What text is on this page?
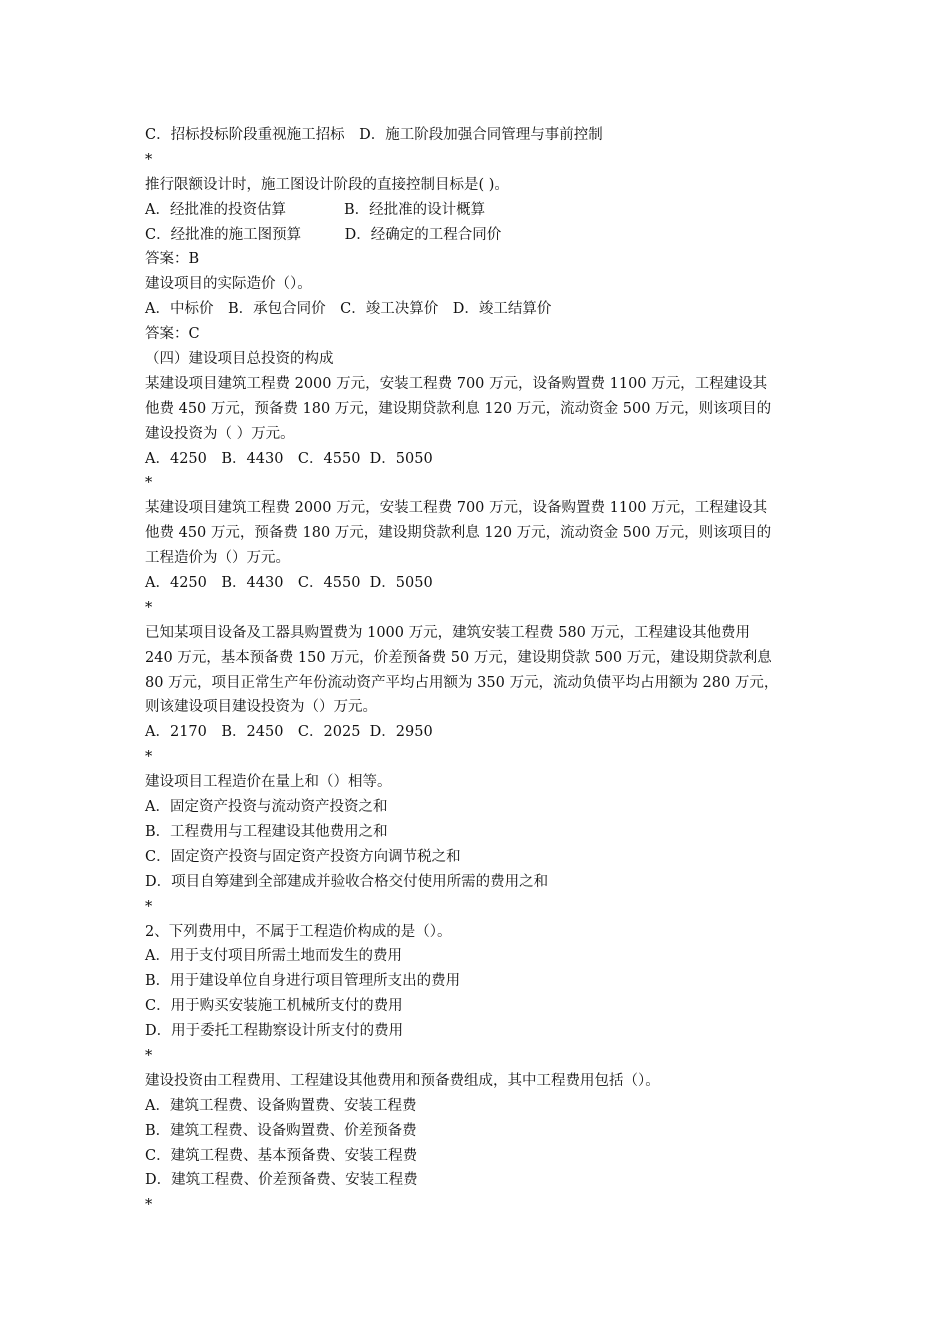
C．招标投标阶段重视施工招标　D．施工阶段加强合同管理与事前控制
*
推行限额设计时，施工图设计阶段的直接控制目标是( )。
A．经批准的投资估算　　　　B．经批准的设计概算
C．经批准的施工图预算　　　D．经确定的工程合同价
答案：B
建设项目的实际造价（）。
A．中标价　B．承包合同价　C．竣工决算价　D．竣工结算价
答案：C
（四）建设项目总投资的构成
某建设项目建筑工程费 2000 万元，安装工程费 700 万元，设备购置费 1100 万元，工程建设其
他费 450 万元，预备费 180 万元，建设期贷款利息 120 万元，流动资金 500 万元，则该项目的
建设投资为（ ）万元。
A．4250　B．4430　C．4550  D．5050
*
某建设项目建筑工程费 2000 万元，安装工程费 700 万元，设备购置费 1100 万元，工程建设其
他费 450 万元，预备费 180 万元，建设期贷款利息 120 万元，流动资金 500 万元，则该项目的
工程造价为（）万元。
A．4250　B．4430　C．4550  D．5050
*
已知某项目设备及工器具购置费为 1000 万元，建筑安装工程费 580 万元，工程建设其他费用
240 万元，基本预备费 150 万元，价差预备费 50 万元，建设期贷款 500 万元，建设期贷款利息
80 万元，项目正常生产年份流动资产平均占用额为 350 万元，流动负债平均占用额为 280 万元，
则该建设项目建设投资为（）万元。
A．2170　B．2450　C．2025  D．2950
*
建设项目工程造价在量上和（）相等。
A．固定资产投资与流动资产投资之和
B．工程费用与工程建设其他费用之和
C．固定资产投资与固定资产投资方向调节税之和
D．项目自筹建到全部建成并验收合格交付使用所需的费用之和
*
2、下列费用中，不属于工程造价构成的是（）。
A．用于支付项目所需土地而发生的费用
B．用于建设单位自身进行项目管理所支出的费用
C．用于购买安装施工机械所支付的费用
D．用于委托工程勘察设计所支付的费用
*
建设投资由工程费用、工程建设其他费用和预备费组成，其中工程费用包括（）。
A．建筑工程费、设备购置费、安装工程费
B．建筑工程费、设备购置费、价差预备费
C．建筑工程费、基本预备费、安装工程费
D．建筑工程费、价差预备费、安装工程费
*
